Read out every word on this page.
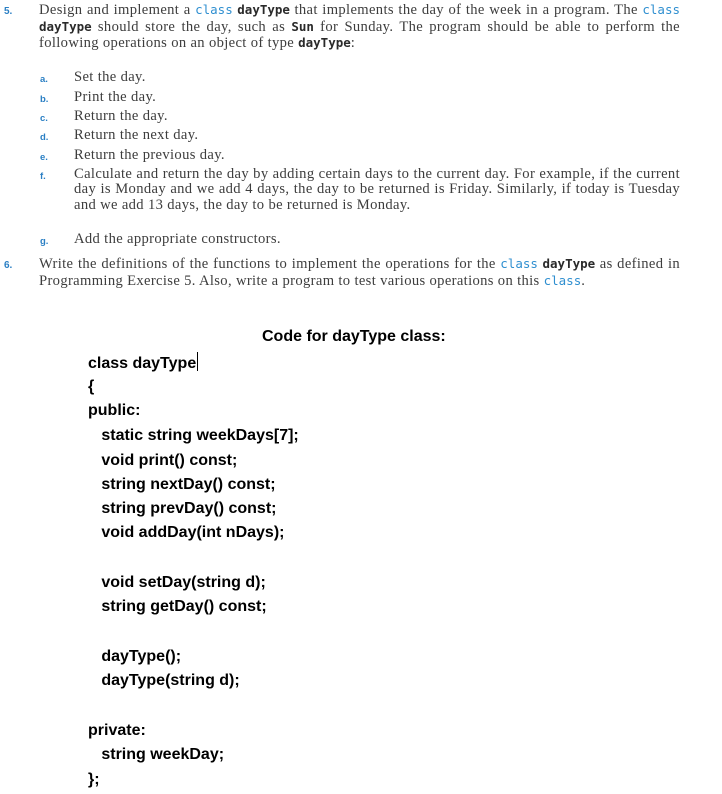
5. Design and implement a class dayType that implements the day of the week in a program. The class dayType should store the day, such as Sun for Sunday. The program should be able to perform the following operations on an object of type dayType:
a. Set the day.
b. Print the day.
c. Return the day.
d. Return the next day.
e. Return the previous day.
f. Calculate and return the day by adding certain days to the current day. For example, if the current day is Monday and we add 4 days, the day to be returned is Friday. Similarly, if today is Tuesday and we add 13 days, the day to be returned is Monday.
g. Add the appropriate constructors.
6. Write the definitions of the functions to implement the operations for the class dayType as defined in Programming Exercise 5. Also, write a program to test various operations on this class.
Code for dayType class:
class dayType
{
public:
static string weekDays[7];
void print() const;
string nextDay() const;
string prevDay() const;
void addDay(int nDays);
void setDay(string d);
string getDay() const;
dayType();
dayType(string d);
private:
string weekDay;
};
